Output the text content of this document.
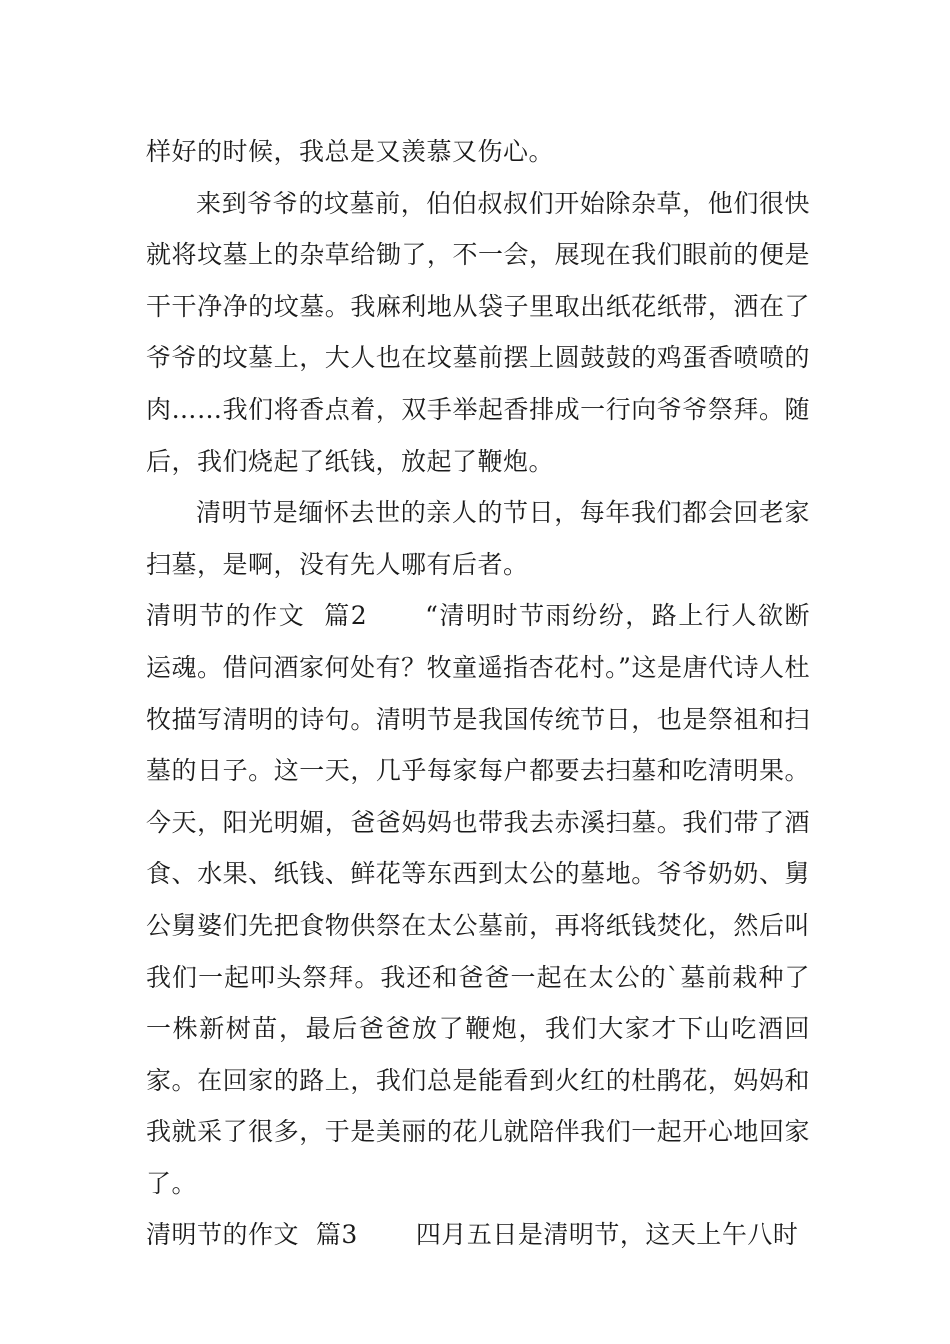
样好的时候，我总是又羡慕又伤心。

来到爷爷的坟墓前，伯伯叔叔们开始除杂草，他们很快就将坟墓上的杂草给锄了，不一会，展现在我们眼前的便是干干净净的坟墓。我麻利地从袋子里取出纸花纸带，洒在了爷爷的坟墓上，大人也在坟墓前摆上圆鼓鼓的鸡蛋香喷喷的肉……我们将香点着，双手举起香排成一行向爷爷祭拜。随后，我们烧起了纸钱，放起了鞭炮。

清明节是缅怀去世的亲人的节日，每年我们都会回老家扫墓，是啊，没有先人哪有后者。

清明节的作文  篇2 “清明时节雨纷纷，路上行人欲断运魂。借问酒家何处有？牧童遥指杏花村。”这是唐代诗人杜牧描写清明的诗句。清明节是我国传统节日，也是祭祖和扫墓的日子。这一天，几乎每家每户都要去扫墓和吃清明果。今天，阳光明媚，爸爸妈妈也带我去赤溪扫墓。我们带了酒食、水果、纸钱、鲜花等东西到太公的墓地。爷爷奶奶、舅公舅婆们先把食物供祭在太公墓前，再将纸钱焚化，然后叫我们一起叩头祭拜。我还和爸爸一起在太公的`墓前栽种了一株新树苗，最后爸爸放了鞭炮，我们大家才下山吃酒回家。在回家的路上，我们总是能看到火红的杜鹃花，妈妈和我就采了很多，于是美丽的花儿就陪伴我们一起开心地回家了。

清明节的作文  篇3 四月五日是清明节，这天上午八时
